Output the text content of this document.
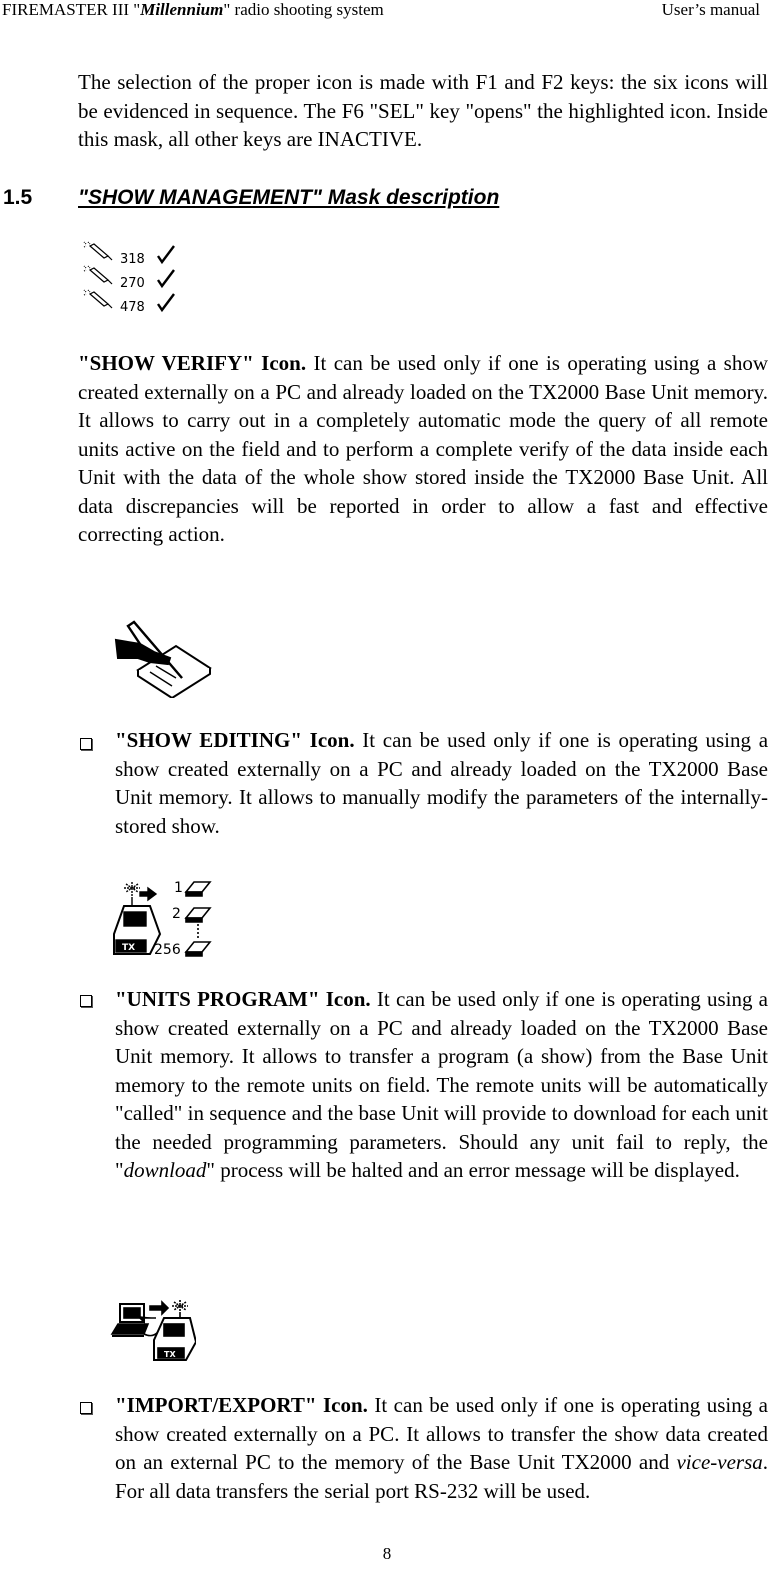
FIREMASTER III "Millennium" radio shooting system	User’s manual

The selection of the proper icon is made with F1 and F2 keys: the six icons will be evidenced in sequence. The F6 "SEL" key "opens" the highlighted icon. Inside this mask, all other keys are INACTIVE.

1.5 "SHOW MANAGEMENT" Mask description
318
270
478

"SHOW VERIFY" Icon. It can be used only if one is operating using a show created externally on a PC and already loaded on the TX2000 Base Unit memory. It allows to carry out in a completely automatic mode the query of all remote units active on the field and to perform a complete verify of the data inside each Unit with the data of the whole show stored inside the TX2000 Base Unit. All data discrepancies will be reported in order to allow a fast and effective correcting action.

"SHOW EDITING" Icon. It can be used only if one is operating using a show created externally on a PC and already loaded on the TX2000 Base Unit memory. It allows to manually modify the parameters of the internally-stored show.

TX
1
2
256

"UNITS PROGRAM" Icon. It can be used only if one is operating using a show created externally on a PC and already loaded on the TX2000 Base Unit memory. It allows to transfer a program (a show) from the Base Unit memory to the remote units on field. The remote units will be automatically "called" in sequence and the base Unit will provide to download for each unit the needed programming parameters. Should any unit fail to reply, the "download" process will be halted and an error message will be displayed.

TX

"IMPORT/EXPORT" Icon. It can be used only if one is operating using a show created externally on a PC. It allows to transfer the show data created on an external PC to the memory of the Base Unit TX2000 and vice-versa. For all data transfers the serial port RS-232 will be used.

8
